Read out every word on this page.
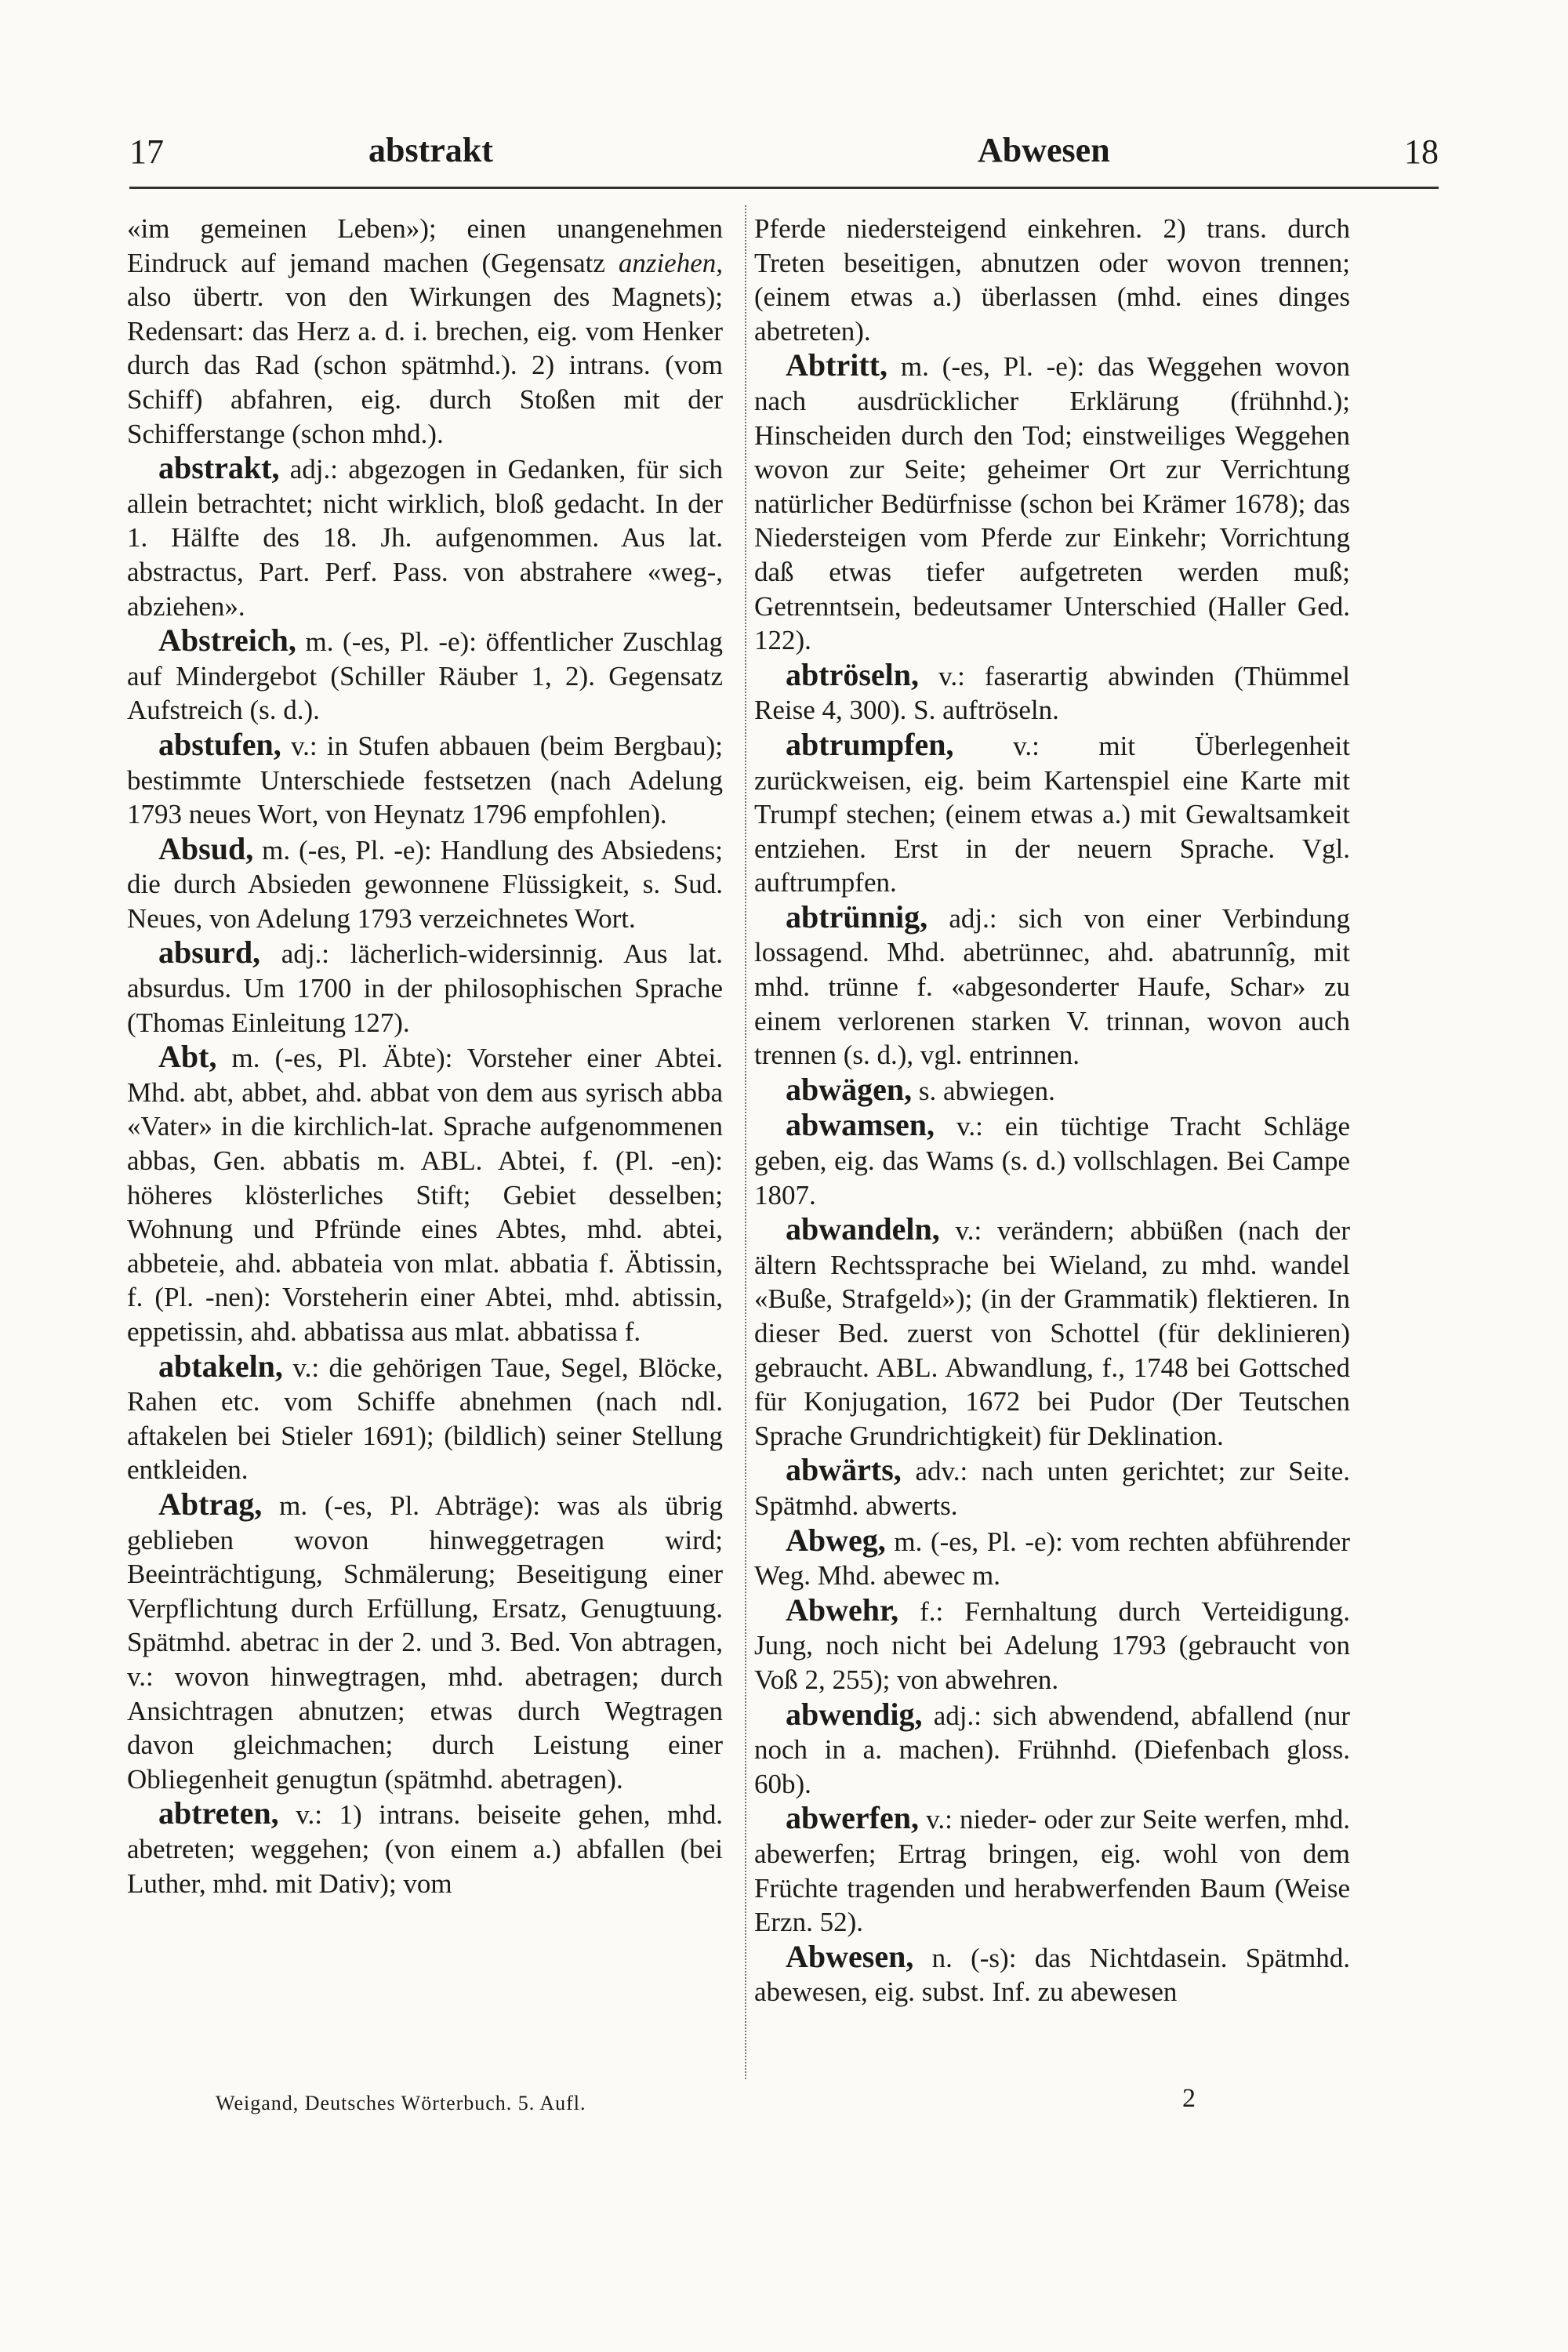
17	abstrakt	Abwesen	18

«im gemeinen Leben»); einen unangenehmen Eindruck auf jemand machen (Gegensatz anziehen, also übertr. von den Wirkungen des Magnets); Redensart: das Herz a. d. i. brechen, eig. vom Henker durch das Rad (schon spätmhd.). 2) intrans. (vom Schiff) abfahren, eig. durch Stoßen mit der Schifferstange (schon mhd.).

abstrakt, adj.: abgezogen in Gedanken, für sich allein betrachtet; nicht wirklich, bloß gedacht. In der 1. Hälfte des 18. Jh. aufgenommen. Aus lat. abstractus, Part. Perf. Pass. von abstrahere «weg-, abziehen».

Abstreich, m. (-es, Pl. -e): öffentlicher Zuschlag auf Mindergebot (Schiller Räuber 1, 2). Gegensatz Aufstreich (s. d.).

abstufen, v.: in Stufen abbauen (beim Bergbau); bestimmte Unterschiede festsetzen (nach Adelung 1793 neues Wort, von Heynatz 1796 empfohlen).

Absud, m. (-es, Pl. -e): Handlung des Absiedens; die durch Absieden gewonnene Flüssigkeit, s. Sud. Neues, von Adelung 1793 verzeichnetes Wort.

absurd, adj.: lächerlich-widersinnig. Aus lat. absurdus. Um 1700 in der philosophischen Sprache (Thomas Einleitung 127).

Abt, m. (-es, Pl. Äbte): Vorsteher einer Abtei. Mhd. abt, abbet, ahd. abbat von dem aus syrisch abba «Vater» in die kirchlich-lat. Sprache aufgenommenen abbas, Gen. abbatis m. ABL. Abtei, f. (Pl. -en): höheres klösterliches Stift; Gebiet desselben; Wohnung und Pfründe eines Abtes, mhd. abtei, abbeteie, ahd. abbateia von mlat. abbatia f. Äbtissin, f. (Pl. -nen): Vorsteherin einer Abtei, mhd. abtissin, eppetissin, ahd. abbatissa aus mlat. abbatissa f.

abtakeln, v.: die gehörigen Taue, Segel, Blöcke, Rahen etc. vom Schiffe abnehmen (nach ndl. aftakelen bei Stieler 1691); (bildlich) seiner Stellung entkleiden.

Abtrag, m. (-es, Pl. Abträge): was als übrig geblieben wovon hinweggetragen wird; Beeinträchtigung, Schmälerung; Beseitigung einer Verpflichtung durch Erfüllung, Ersatz, Genugtuung. Spätmhd. abetrac in der 2. und 3. Bed. Von abtragen, v.: wovon hinwegtragen, mhd. abetragen; durch Ansichtragen abnutzen; etwas durch Wegtragen davon gleichmachen; durch Leistung einer Obliegenheit genugtun (spätmhd. abetragen).

abtreten, v.: 1) intrans. beiseite gehen, mhd. abetreten; weggehen; (von einem a.) abfallen (bei Luther, mhd. mit Dativ); vom

Pferde niedersteigend einkehren. 2) trans. durch Treten beseitigen, abnutzen oder wovon trennen; (einem etwas a.) überlassen (mhd. eines dinges abetreten).

Abtritt, m. (-es, Pl. -e): das Weggehen wovon nach ausdrücklicher Erklärung (frühnhd.); Hinscheiden durch den Tod; einstweiliges Weggehen wovon zur Seite; geheimer Ort zur Verrichtung natürlicher Bedürfnisse (schon bei Krämer 1678); das Niedersteigen vom Pferde zur Einkehr; Vorrichtung daß etwas tiefer aufgetreten werden muß; Getrenntsein, bedeutsamer Unterschied (Haller Ged. 122).

abtröseln, v.: faserartig abwinden (Thümmel Reise 4, 300). S. auftröseln.

abtrumpfen, v.: mit Überlegenheit zurückweisen, eig. beim Kartenspiel eine Karte mit Trumpf stechen; (einem etwas a.) mit Gewaltsamkeit entziehen. Erst in der neuern Sprache. Vgl. auftrumpfen.

abtrünnig, adj.: sich von einer Verbindung lossagend. Mhd. abetrünnec, ahd. abatrunnîg, mit mhd. trünne f. «abgesonderter Haufe, Schar» zu einem verlorenen starken V. trinnan, wovon auch trennen (s. d.), vgl. entrinnen.

abwägen, s. abwiegen.

abwamsen, v.: ein tüchtige Tracht Schläge geben, eig. das Wams (s. d.) vollschlagen. Bei Campe 1807.

abwandeln, v.: verändern; abbüßen (nach der ältern Rechtssprache bei Wieland, zu mhd. wandel «Buße, Strafgeld»); (in der Grammatik) flektieren. In dieser Bed. zuerst von Schottel (für deklinieren) gebraucht. ABL. Abwandlung, f., 1748 bei Gottsched für Konjugation, 1672 bei Pudor (Der Teutschen Sprache Grundrichtigkeit) für Deklination.

abwärts, adv.: nach unten gerichtet; zur Seite. Spätmhd. abwerts.

Abweg, m. (-es, Pl. -e): vom rechten abführender Weg. Mhd. abewec m.

Abwehr, f.: Fernhaltung durch Verteidigung. Jung, noch nicht bei Adelung 1793 (gebraucht von Voß 2, 255); von abwehren.

abwendig, adj.: sich abwendend, abfallend (nur noch in a. machen). Frühnhd. (Diefenbach gloss. 60b).

abwerfen, v.: nieder- oder zur Seite werfen, mhd. abewerfen; Ertrag bringen, eig. wohl von dem Früchte tragenden und herabwerfenden Baum (Weise Erzn. 52).

Abwesen, n. (-s): das Nichtdasein. Spätmhd. abewesen, eig. subst. Inf. zu abewesen

Weigand, Deutsches Wörterbuch. 5. Aufl.	2
